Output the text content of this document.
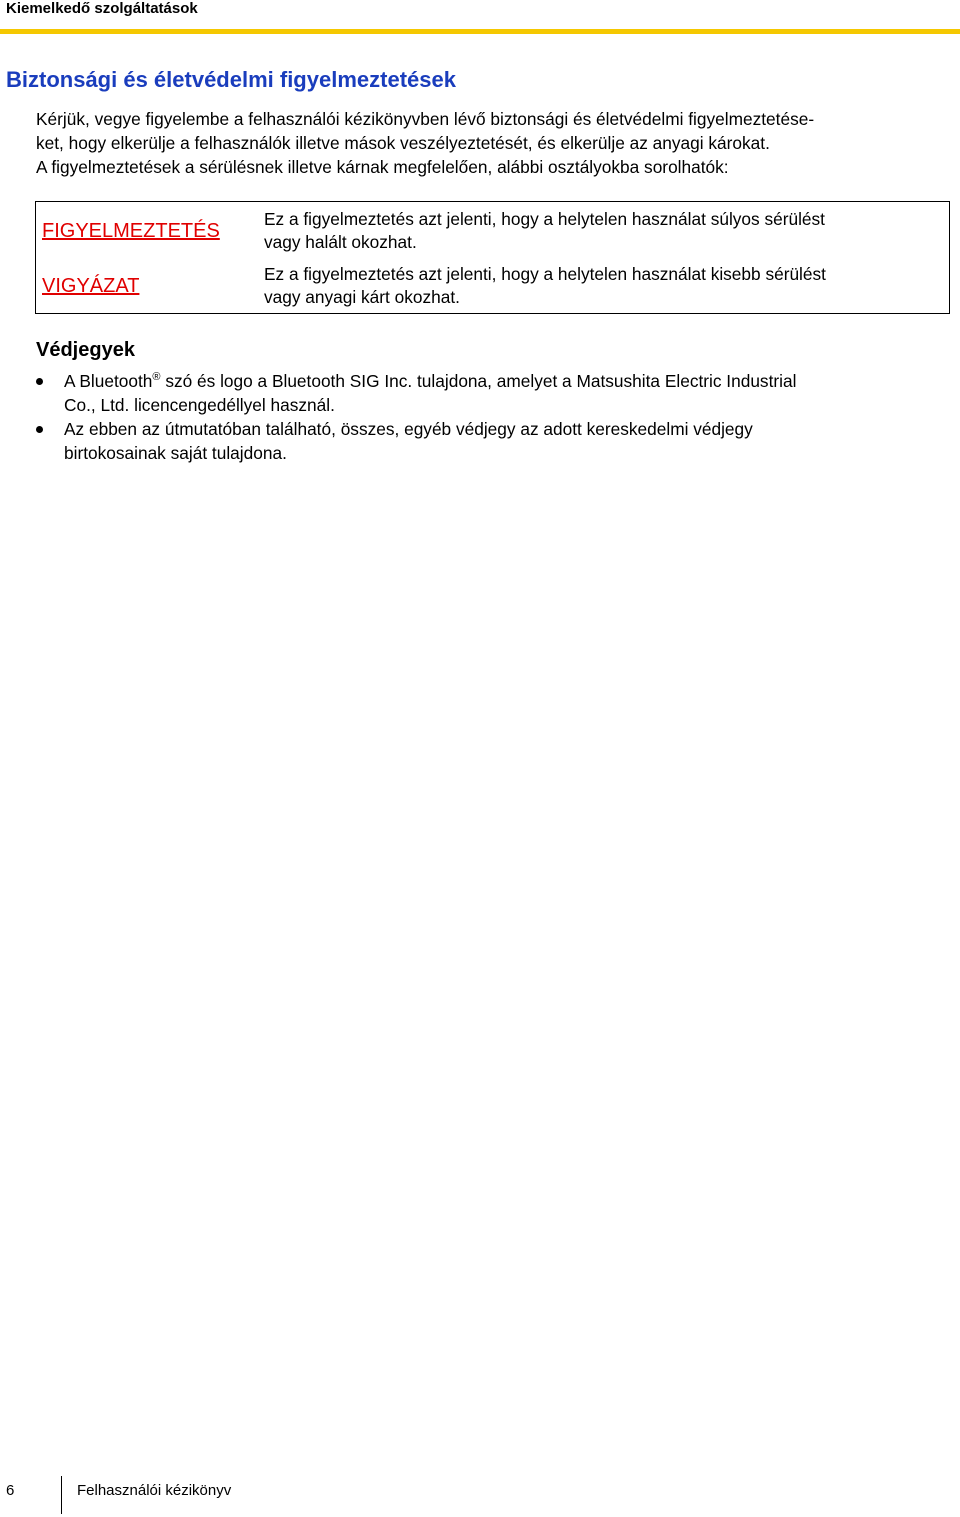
Kiemelkedő szolgáltatások
Biztonsági és életvédelmi figyelmeztetések

Kérjük, vegye figyelembe a felhasználói kézikönyvben lévő biztonsági és életvédelmi figyelmeztetése-

ket, hogy elkerülje a felhasználók illetve mások veszélyeztetését, és elkerülje az anyagi károkat.

A figyelmeztetések a sérülésnek illetve kárnak megfelelően, alábbi osztályokba sorolhatók:

FIGYELMEZTETÉS
Ez a figyelmeztetés azt jelenti, hogy a helytelen használat súlyos sérülést
vagy halált okozhat.
VIGYÁZAT
Ez a figyelmeztetés azt jelenti, hogy a helytelen használat kisebb sérülést
vagy anyagi kárt okozhat.
Védjegyek
A Bluetooth® szó és logo a Bluetooth SIG Inc. tulajdona, amelyet a Matsushita Electric Industrial
Co., Ltd. licencengedéllyel használ.
Az ebben az útmutatóban található, összes, egyéb védjegy az adott kereskedelmi védjegy
birtokosainak saját tulajdona.
6	Felhasználói kézikönyv
